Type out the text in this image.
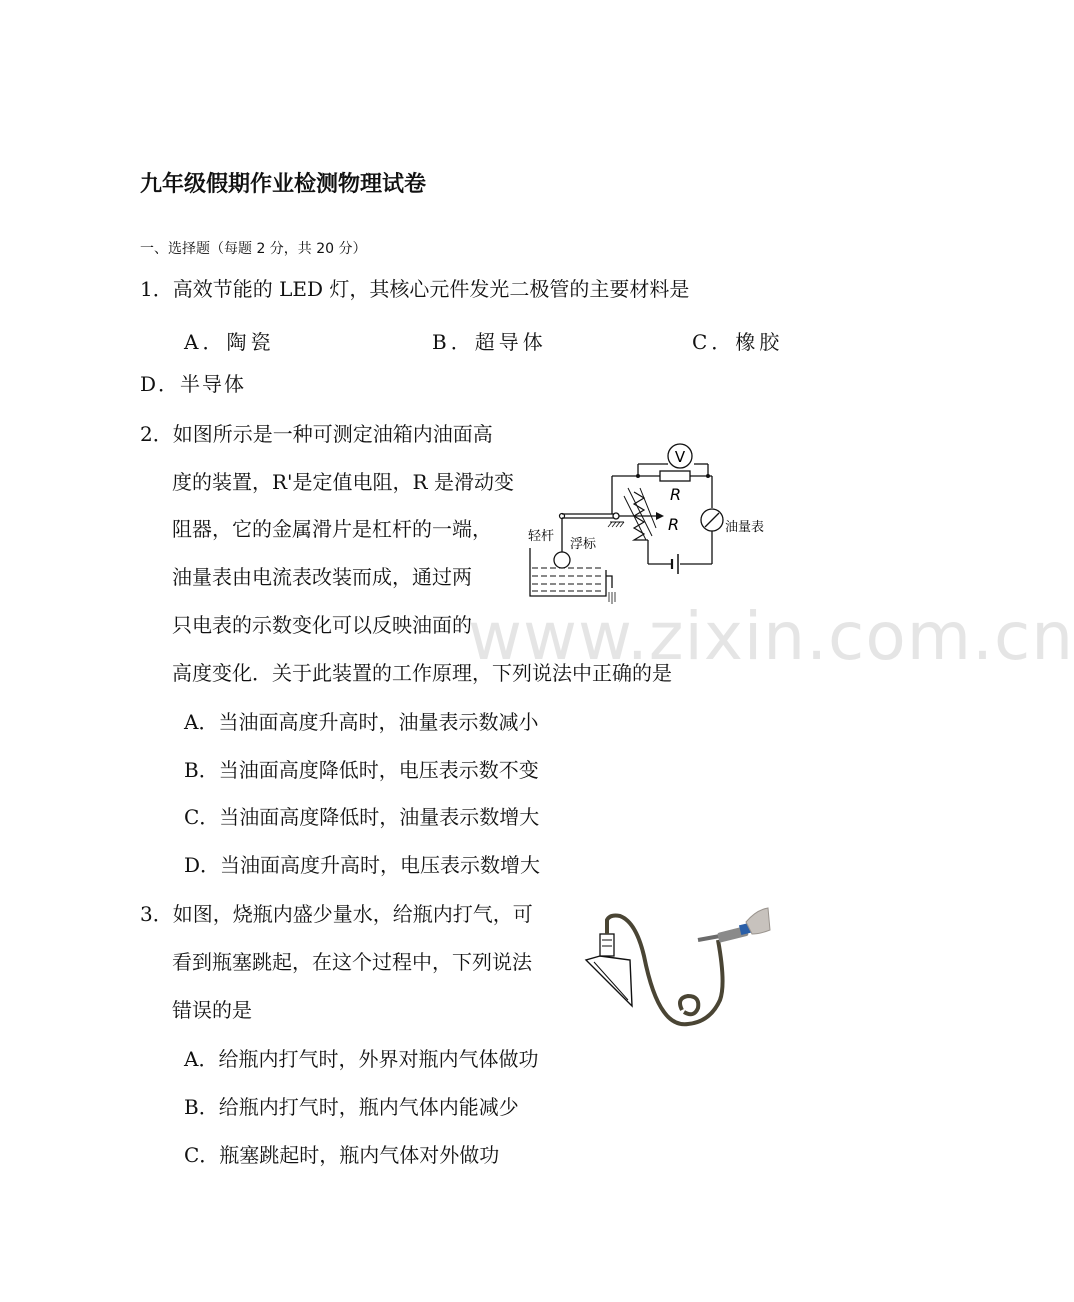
九年级假期作业检测物理试卷
一、选择题（每题 2 分，共 20 分）
1．高效节能的 LED 灯，其核心元件发光二极管的主要材料是
A．陶瓷	B．超导体	C．橡胶
D．半导体
2．如图所示是一种可测定油箱内油面高
度的装置，R'是定值电阻，R 是滑动变
阻器，它的金属滑片是杠杆的一端，
油量表由电流表改装而成，通过两
只电表的示数变化可以反映油面的
高度变化．关于此装置的工作原理，下列说法中正确的是
A．当油面高度升高时，油量表示数减小
B．当油面高度降低时，电压表示数不变
C．当油面高度降低时，油量表示数增大
D．当油面高度升高时，电压表示数增大
V
R
油量表
R
轻杆
浮标
3．如图，烧瓶内盛少量水，给瓶内打气，可
看到瓶塞跳起，在这个过程中，下列说法
错误的是
A．给瓶内打气时，外界对瓶内气体做功
B．给瓶内打气时，瓶内气体内能减少
C．瓶塞跳起时，瓶内气体对外做功
www.zixin.com.cn
